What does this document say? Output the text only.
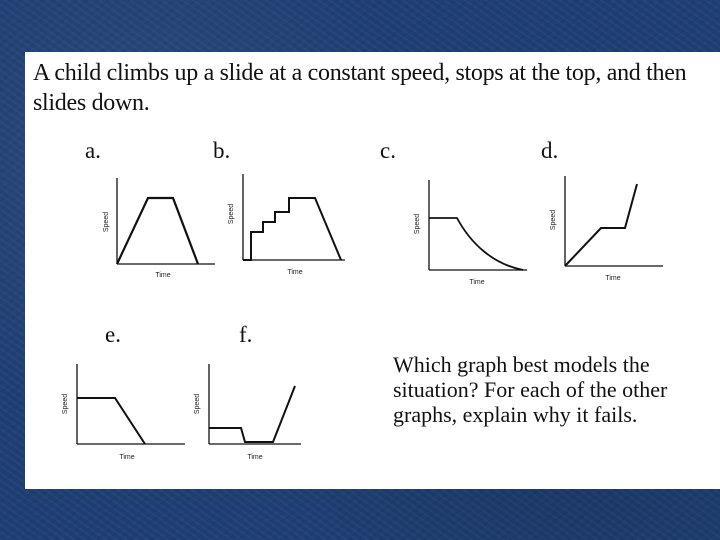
A child climbs up a slide at a constant speed, stops at the top, and then slides down.
a.	b.	c.	d.
e.	f.
Speed
Time
Speed
Time
Speed
Time
Speed
Time
Speed
Time
Speed
Time
Which graph best models the situation? For each of the other graphs, explain why it fails.
